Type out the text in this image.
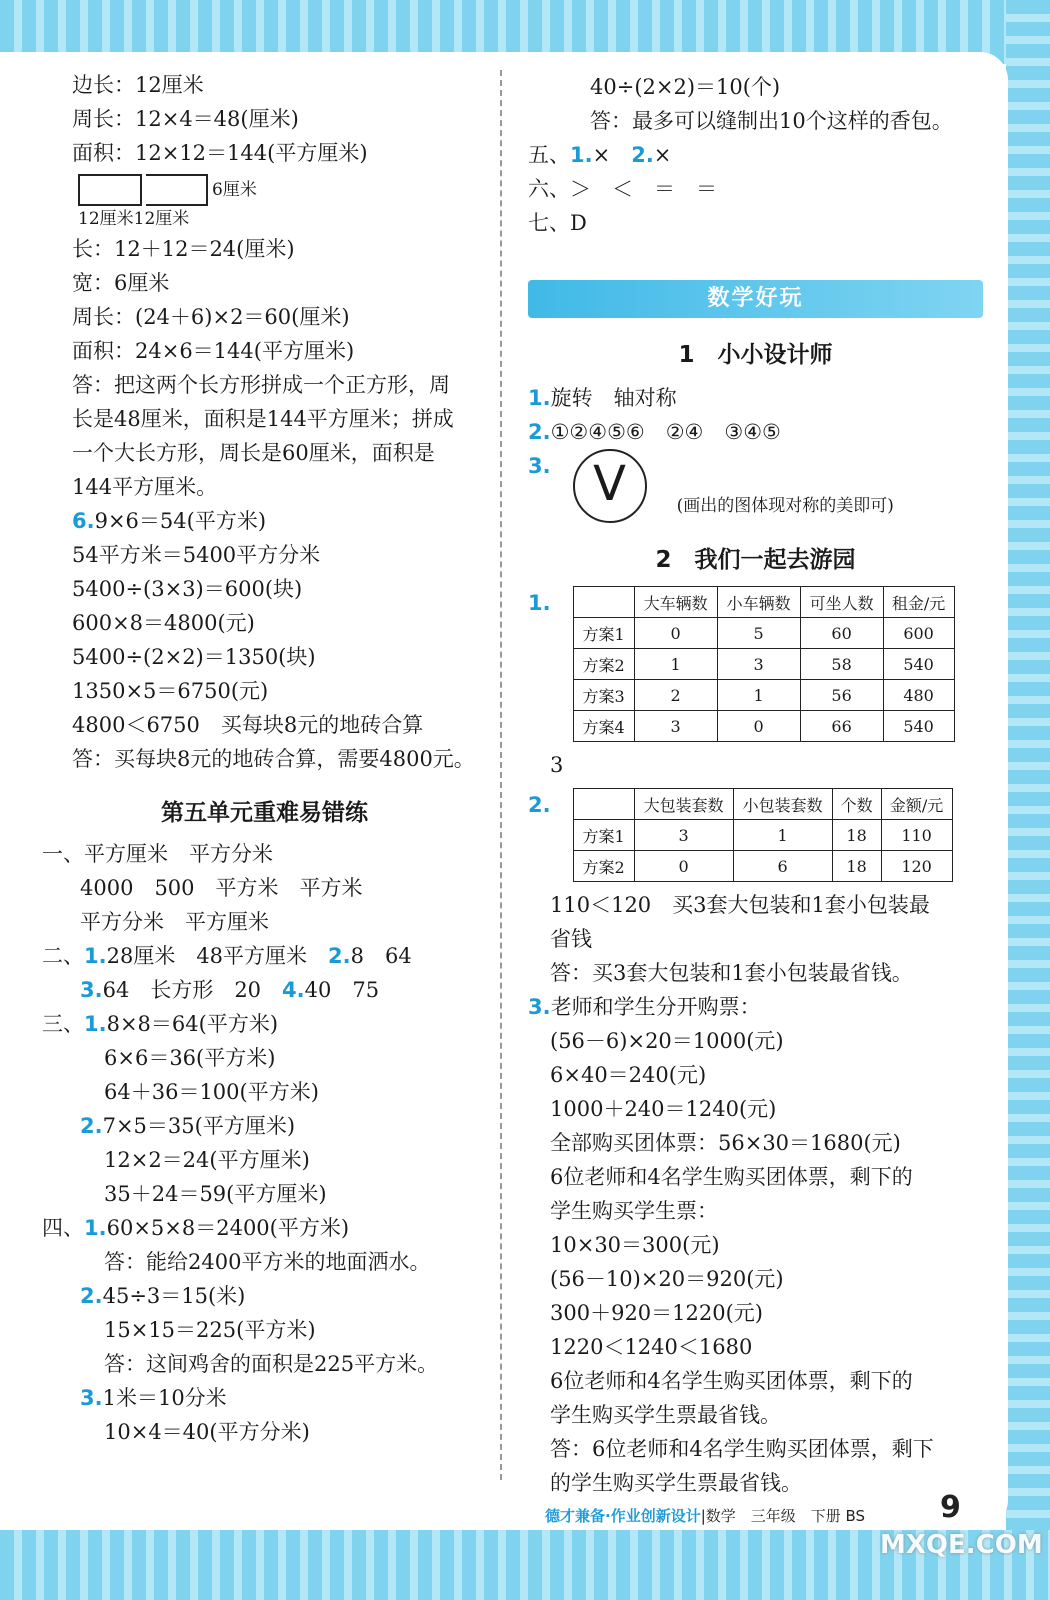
边长：12厘米
周长：12×4＝48(厘米)
面积：12×12＝144(平方厘米)
6厘米
12厘米12厘米
长：12＋12＝24(厘米)
宽：6厘米
周长：(24＋6)×2＝60(厘米)
面积：24×6＝144(平方厘米)
答：把这两个长方形拼成一个正方形，周
长是48厘米，面积是144平方厘米；拼成
一个大长方形，周长是60厘米，面积是
144平方厘米。
6.9×6＝54(平方米)
54平方米＝5400平方分米
5400÷(3×3)＝600(块)
600×8＝4800(元)
5400÷(2×2)＝1350(块)
1350×5＝6750(元)
4800＜6750　买每块8元的地砖合算
答：买每块8元的地砖合算，需要4800元。
第五单元重难易错练
一、平方厘米　平方分米
4000　500　平方米　平方米
平方分米　平方厘米
二、1.28厘米　48平方厘米　2.8　64
3.64　长方形　20　4.40　75
三、1.8×8＝64(平方米)
6×6＝36(平方米)
64＋36＝100(平方米)
2.7×5＝35(平方厘米)
12×2＝24(平方厘米)
35＋24＝59(平方厘米)
四、1.60×5×8＝2400(平方米)
答：能给2400平方米的地面洒水。
2.45÷3＝15(米)
15×15＝225(平方米)
答：这间鸡舍的面积是225平方米。
3.1米＝10分米
10×4＝40(平方分米)
40÷(2×2)＝10(个)
答：最多可以缝制出10个这样的香包。
五、1.×　2.×
六、＞　＜　＝　＝
七、D
数学好玩
1　小小设计师
1.旋转　轴对称
2.①②④⑤⑥　②④　③④⑤
3. V	(画出的图体现对称的美即可)
2　我们一起去游园
1.
		大车辆数	小车辆数	可坐人数	租金/元
方案1	0	5	60	600
方案2	1	3	58	540
方案3	2	1	56	480
方案4	3	0	66	540
3
2.
		大包装套数	小包装套数	个数	金额/元
方案1	3	1	18	110
方案2	0	6	18	120
110＜120　买3套大包装和1套小包装最
省钱
答：买3套大包装和1套小包装最省钱。
3.老师和学生分开购票：
(56－6)×20＝1000(元)
6×40＝240(元)
1000＋240＝1240(元)
全部购买团体票：56×30＝1680(元)
6位老师和4名学生购买团体票，剩下的
学生购买学生票：
10×30＝300(元)
(56－10)×20＝920(元)
300＋920＝1220(元)
1220＜1240＜1680
6位老师和4名学生购买团体票，剩下的
学生购买学生票最省钱。
答：6位老师和4名学生购买团体票，剩下
的学生购买学生票最省钱。
德才兼备·作业创新设计|数学　三年级　下册 BS 9
MXQE.COM
